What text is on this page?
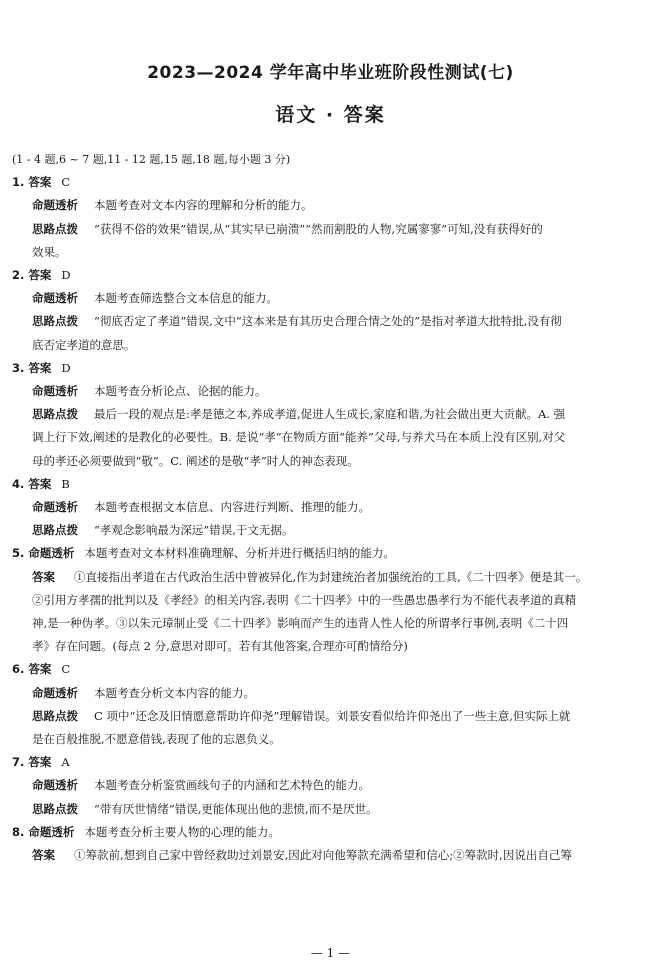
2023—2024 学年高中毕业班阶段性测试(七)
语文 · 答案
(1 - 4 题,6 ~ 7 题,11 - 12 题,15 题,18 题,每小题 3 分)
1. 答案 C
命题透析 本题考查对文本内容的理解和分析的能力。
思路点拨 “获得不俗的效果”错误,从“其实早已崩溃”“然而割股的人物,究属寥寥”可知,没有获得好的
效果。
2. 答案 D
命题透析 本题考查筛选整合文本信息的能力。
思路点拨 “彻底否定了孝道”错误,文中“这本来是有其历史合理合情之处的”是指对孝道大批特批,没有彻
底否定孝道的意思。
3. 答案 D
命题透析 本题考查分析论点、论据的能力。
思路点拨 最后一段的观点是:孝是德之本,养成孝道,促进人生成长,家庭和谐,为社会做出更大贡献。A. 强
调上行下效,阐述的是教化的必要性。B. 是说“孝”在物质方面“能养”父母,与养犬马在本质上没有区别,对父
母的孝还必须要做到“敬”。C. 阐述的是敬“孝”时人的神态表现。
4. 答案 B
命题透析 本题考查根据文本信息、内容进行判断、推理的能力。
思路点拨 “孝观念影响最为深远”错误,于文无据。
5. 命题透析 本题考查对文本材料准确理解、分析并进行概括归纳的能力。
答案 ①直接指出孝道在古代政治生活中曾被异化,作为封建统治者加强统治的工具,《二十四孝》便是其一。
②引用方孝孺的批判以及《孝经》的相关内容,表明《二十四孝》中的一些愚忠愚孝行为不能代表孝道的真精
神,是一种伪孝。③以朱元璋制止受《二十四孝》影响而产生的违背人性人伦的所谓孝行事例,表明《二十四
孝》存在问题。(每点 2 分,意思对即可。若有其他答案,合理亦可酌情给分)
6. 答案 C
命题透析 本题考查分析文本内容的能力。
思路点拨 C 项中“还念及旧情愿意帮助许仰尧”理解错误。刘景安看似给许仰尧出了一些主意,但实际上就
是在百般推脱,不愿意借钱,表现了他的忘恩负义。
7. 答案 A
命题透析 本题考查分析鉴赏画线句子的内涵和艺术特色的能力。
思路点拨 “带有厌世情绪”错误,更能体现出他的悲愤,而不是厌世。
8. 命题透析 本题考查分析主要人物的心理的能力。
答案 ①筹款前,想到自己家中曾经救助过刘景安,因此对向他筹款充满希望和信心;②筹款时,因说出自己筹
— 1 —
